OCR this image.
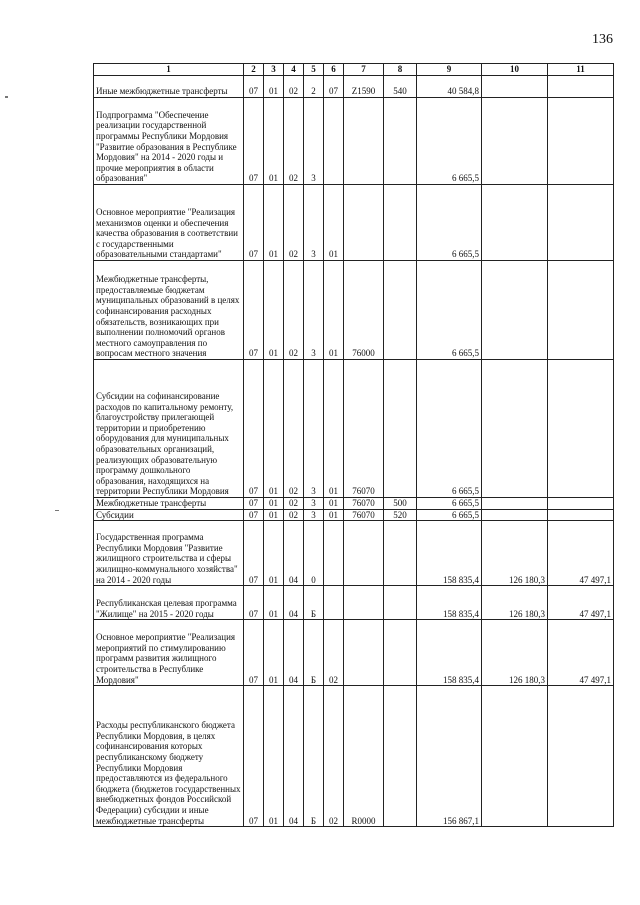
136
1	2	3	4	5	6	7	8	9	10	11
Иные межбюджетные трансферты	07	01	02	2	07	Z1590	540	40 584,8		
Подпрограмма "Обеспечение реализации государственной программы Республики Мордовия "Развитие образования в Республике Мордовия" на 2014 - 2020 годы и прочие мероприятия в области образования"	07	01	02	3				6 665,5		
Основное мероприятие "Реализация механизмов оценки и обеспечения качества образования в соответствии с государственными образовательными стандартами"	07	01	02	3	01			6 665,5		
Межбюджетные трансферты, предоставляемые бюджетам муниципальных образований в целях софинансирования расходных обязательств, возникающих при выполнении полномочий органов местного самоуправления по вопросам местного значения	07	01	02	3	01	76000		6 665,5		
Субсидии на софинансирование расходов по капитальному ремонту, благоустройству прилегающей территории и приобретению оборудования для муниципальных образовательных организаций, реализующих образовательную программу дошкольного образования, находящихся на территории Республики Мордовия	07	01	02	3	01	76070		6 665,5		
Межбюджетные трансферты	07	01	02	3	01	76070	500	6 665,5		
Субсидии	07	01	02	3	01	76070	520	6 665,5		
Государственная программа Республики Мордовия "Развитие жилищного строительства и сферы жилищно-коммунального хозяйства" на 2014 - 2020 годы	07	01	04	0				158 835,4	126 180,3	47 497,1
Республиканская целевая программа "Жилище" на 2015 - 2020 годы	07	01	04	Б				158 835,4	126 180,3	47 497,1
Основное мероприятие "Реализация мероприятий по стимулированию программ развития жилищного строительства в Республике Мордовия"	07	01	04	Б	02			158 835,4	126 180,3	47 497,1
Расходы республиканского бюджета Республики Мордовия, в целях софинансирования которых республиканскому бюджету Республики Мордовия предоставляются из федерального бюджета (бюджетов государственных внебюджетных фондов Российской Федерации) субсидии и иные межбюджетные трансферты	07	01	04	Б	02	R0000		156 867,1		
